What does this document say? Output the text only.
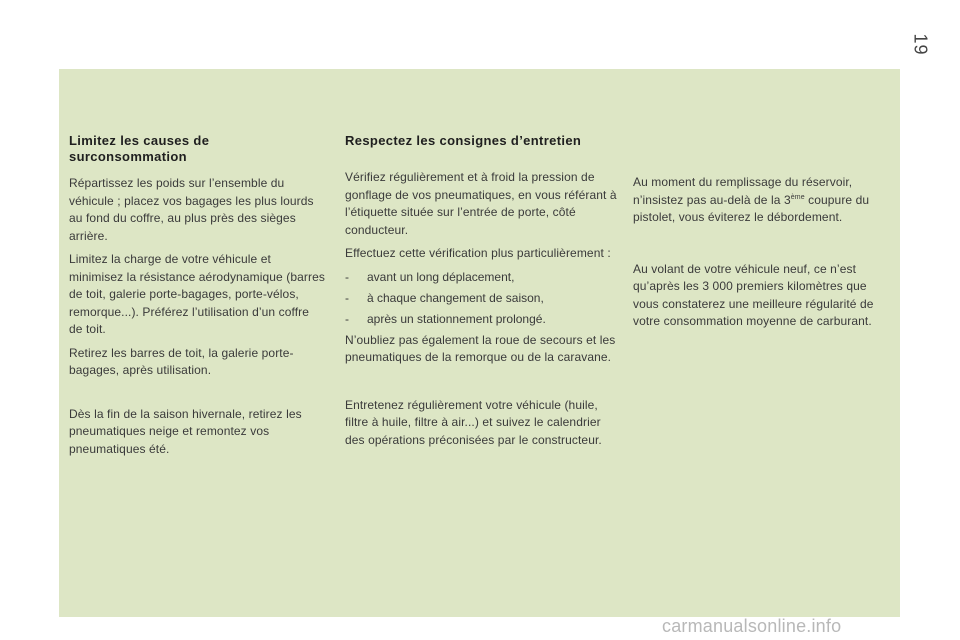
19
Limitez les causes de surconsommation

Répartissez les poids sur l’ensemble du véhicule ; placez vos bagages les plus lourds au fond du coffre, au plus près des sièges arrière.

Limitez la charge de votre véhicule et minimisez la résistance aérodynamique (barres de toit, galerie porte-bagages, porte-vélos, remorque...). Préférez l’utilisation d’un coffre de toit.

Retirez les barres de toit, la galerie porte-bagages, après utilisation.

Dès la fin de la saison hivernale, retirez les pneumatiques neige et remontez vos pneumatiques été.

Respectez les consignes d’entretien

Vérifiez régulièrement et à froid la pression de gonflage de vos pneumatiques, en vous référant à l’étiquette située sur l’entrée de porte, côté conducteur.

Effectuez cette vérification plus particulièrement :

- avant un long déplacement,
- à chaque changement de saison,
- après un stationnement prolongé.

N’oubliez pas également la roue de secours et les pneumatiques de la remorque ou de la caravane.

Entretenez régulièrement votre véhicule (huile, filtre à huile, filtre à air...) et suivez le calendrier des opérations préconisées par le constructeur.

Au moment du remplissage du réservoir, n’insistez pas au-delà de la 3ème coupure du pistolet, vous éviterez le débordement.

Au volant de votre véhicule neuf, ce n’est qu’après les 3 000 premiers kilomètres que vous constaterez une meilleure régularité de votre consommation moyenne de carburant.

carmanualsonline.info
